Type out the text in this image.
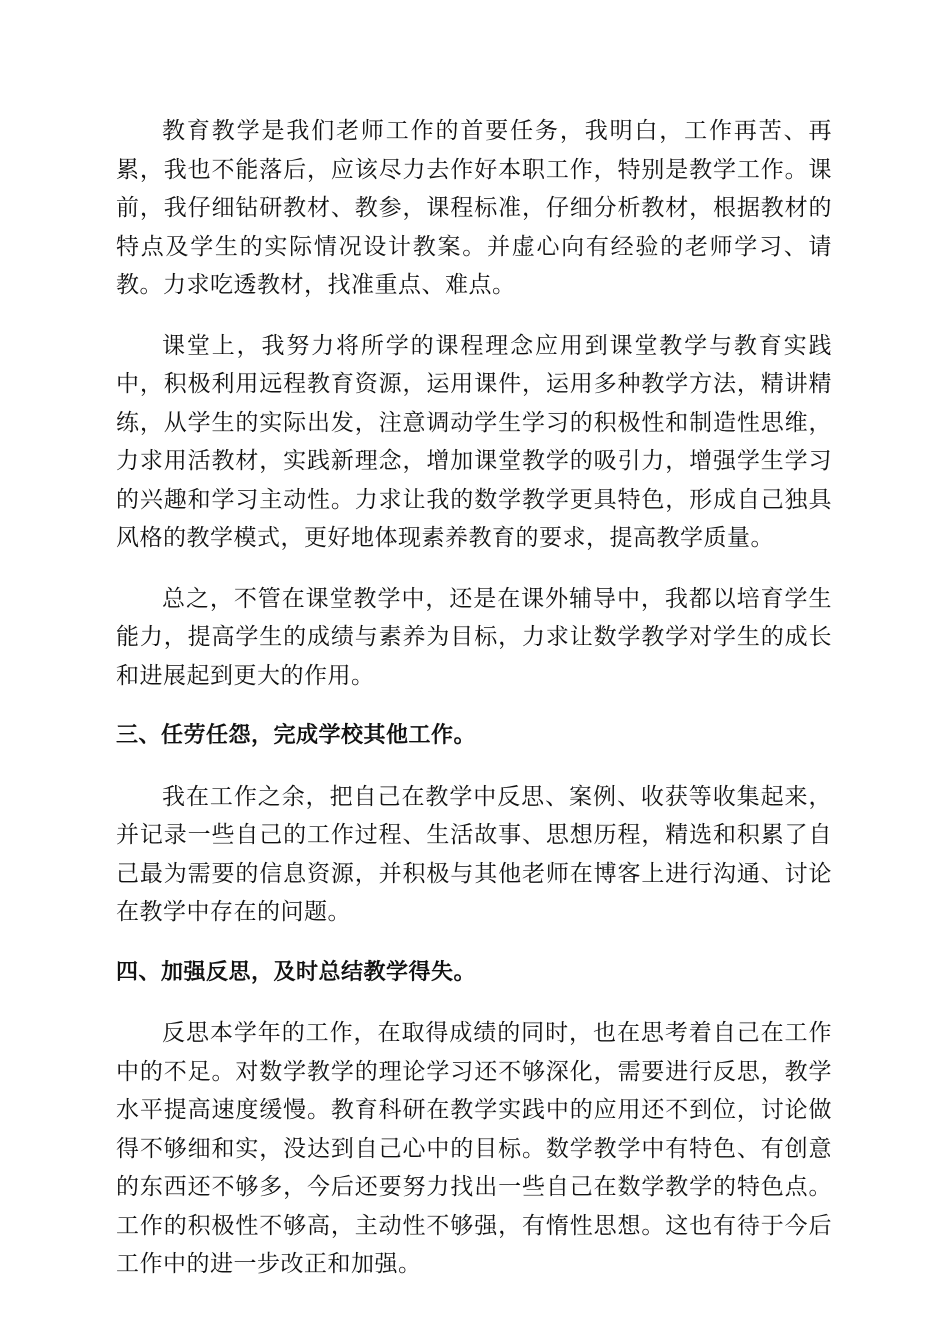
教育教学是我们老师工作的首要任务，我明白，工作再苦、再累，我也不能落后，应该尽力去作好本职工作，特别是教学工作。课前，我仔细钻研教材、教参，课程标准，仔细分析教材，根据教材的特点及学生的实际情况设计教案。并虚心向有经验的老师学习、请教。力求吃透教材，找准重点、难点。

课堂上，我努力将所学的课程理念应用到课堂教学与教育实践中，积极利用远程教育资源，运用课件，运用多种教学方法，精讲精练，从学生的实际出发，注意调动学生学习的积极性和制造性思维，力求用活教材，实践新理念，增加课堂教学的吸引力，增强学生学习的兴趣和学习主动性。力求让我的数学教学更具特色，形成自己独具风格的教学模式，更好地体现素养教育的要求，提高教学质量。

总之，不管在课堂教学中，还是在课外辅导中，我都以培育学生能力，提高学生的成绩与素养为目标，力求让数学教学对学生的成长和进展起到更大的作用。

三、任劳任怨，完成学校其他工作。

我在工作之余，把自己在教学中反思、案例、收获等收集起来，并记录一些自己的工作过程、生活故事、思想历程，精选和积累了自己最为需要的信息资源，并积极与其他老师在博客上进行沟通、讨论在教学中存在的问题。

四、加强反思，及时总结教学得失。

反思本学年的工作，在取得成绩的同时，也在思考着自己在工作中的不足。对数学教学的理论学习还不够深化，需要进行反思，教学水平提高速度缓慢。教育科研在教学实践中的应用还不到位，讨论做得不够细和实，没达到自己心中的目标。数学教学中有特色、有创意的东西还不够多，今后还要努力找出一些自己在数学教学的特色点。工作的积极性不够高，主动性不够强，有惰性思想。这也有待于今后工作中的进一步改正和加强。
